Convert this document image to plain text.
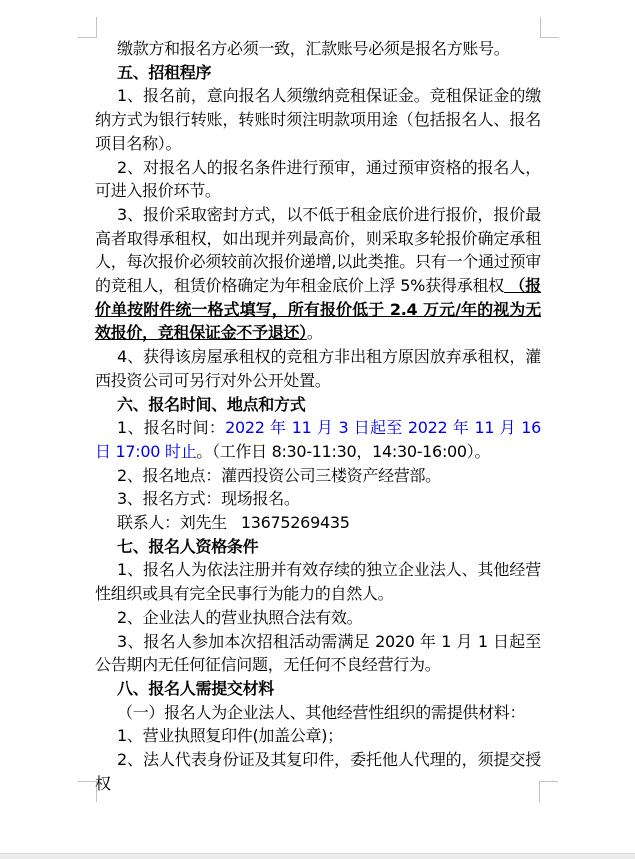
缴款方和报名方必须一致，汇款账号必须是报名方账号。

五、招租程序

1、报名前，意向报名人须缴纳竞租保证金。竞租保证金的缴纳方式为银行转账，转账时须注明款项用途（包括报名人、报名项目名称）。

2、对报名人的报名条件进行预审，通过预审资格的报名人，可进入报价环节。

3、报价采取密封方式，以不低于租金底价进行报价，报价最高者取得承租权，如出现并列最高价，则采取多轮报价确定承租人，每次报价必须较前次报价递增,以此类推。只有一个通过预审的竞租人，租赁价格确定为年租金底价上浮 5%获得承租权 （报价单按附件统一格式填写，所有报价低于 2.4 万元/年的视为无效报价，竞租保证金不予退还）。

4、获得该房屋承租权的竞租方非出租方原因放弃承租权，灌西投资公司可另行对外公开处置。

六、报名时间、地点和方式

1、报名时间：2022 年 11 月 3 日起至 2022 年 11 月 16 日 17:00 时止。（工作日 8:30-11:30，14:30-16:00）。

2、报名地点：灌西投资公司三楼资产经营部。

3、报名方式：现场报名。

联系人：刘先生 13675269435

七、报名人资格条件

1、报名人为依法注册并有效存续的独立企业法人、其他经营性组织或具有完全民事行为能力的自然人。

2、企业法人的营业执照合法有效。

3、报名人参加本次招租活动需满足 2020 年 1 月 1 日起至公告期内无任何征信问题，无任何不良经营行为。

八、报名人需提交材料

（一）报名人为企业法人、其他经营性组织的需提供材料：

1、营业执照复印件(加盖公章)；

2、法人代表身份证及其复印件，委托他人代理的，须提交授权
